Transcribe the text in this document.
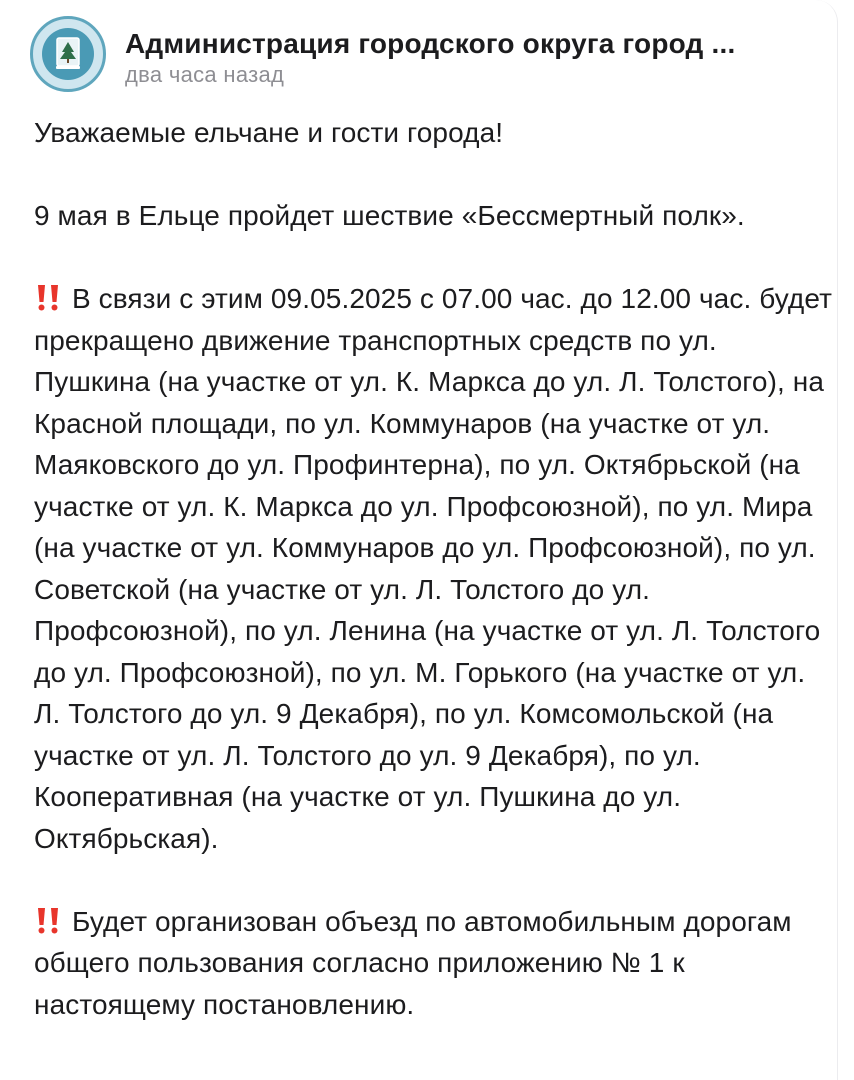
Администрация городского округа город ...
два часа назад

Уважаемые ельчане и гости города!

9 мая в Ельце пройдет шествие «Бессмертный полк».

В связи с этим 09.05.2025 с 07.00 час. до 12.00 час. будет прекращено движение транспортных средств по ул. Пушкина (на участке от ул. К. Маркса до ул. Л. Толстого), на Красной площади, по ул. Коммунаров (на участке от ул. Маяковского до ул. Профинтерна), по ул. Октябрьской (на участке от ул. К. Маркса до ул. Профсоюзной), по ул. Мира (на участке от ул. Коммунаров до ул. Профсоюзной), по ул. Советской (на участке от ул. Л. Толстого до ул. Профсоюзной), по ул. Ленина (на участке от ул. Л. Толстого до ул. Профсоюзной), по ул. М. Горького (на участке от ул. Л. Толстого до ул. 9 Декабря), по ул. Комсомольской (на участке от ул. Л. Толстого до ул. 9 Декабря), по ул. Кооперативная (на участке от ул. Пушкина до ул. Октябрьская).

Будет организован объезд по автомобильным дорогам общего пользования согласно приложению № 1 к настоящему постановлению.
